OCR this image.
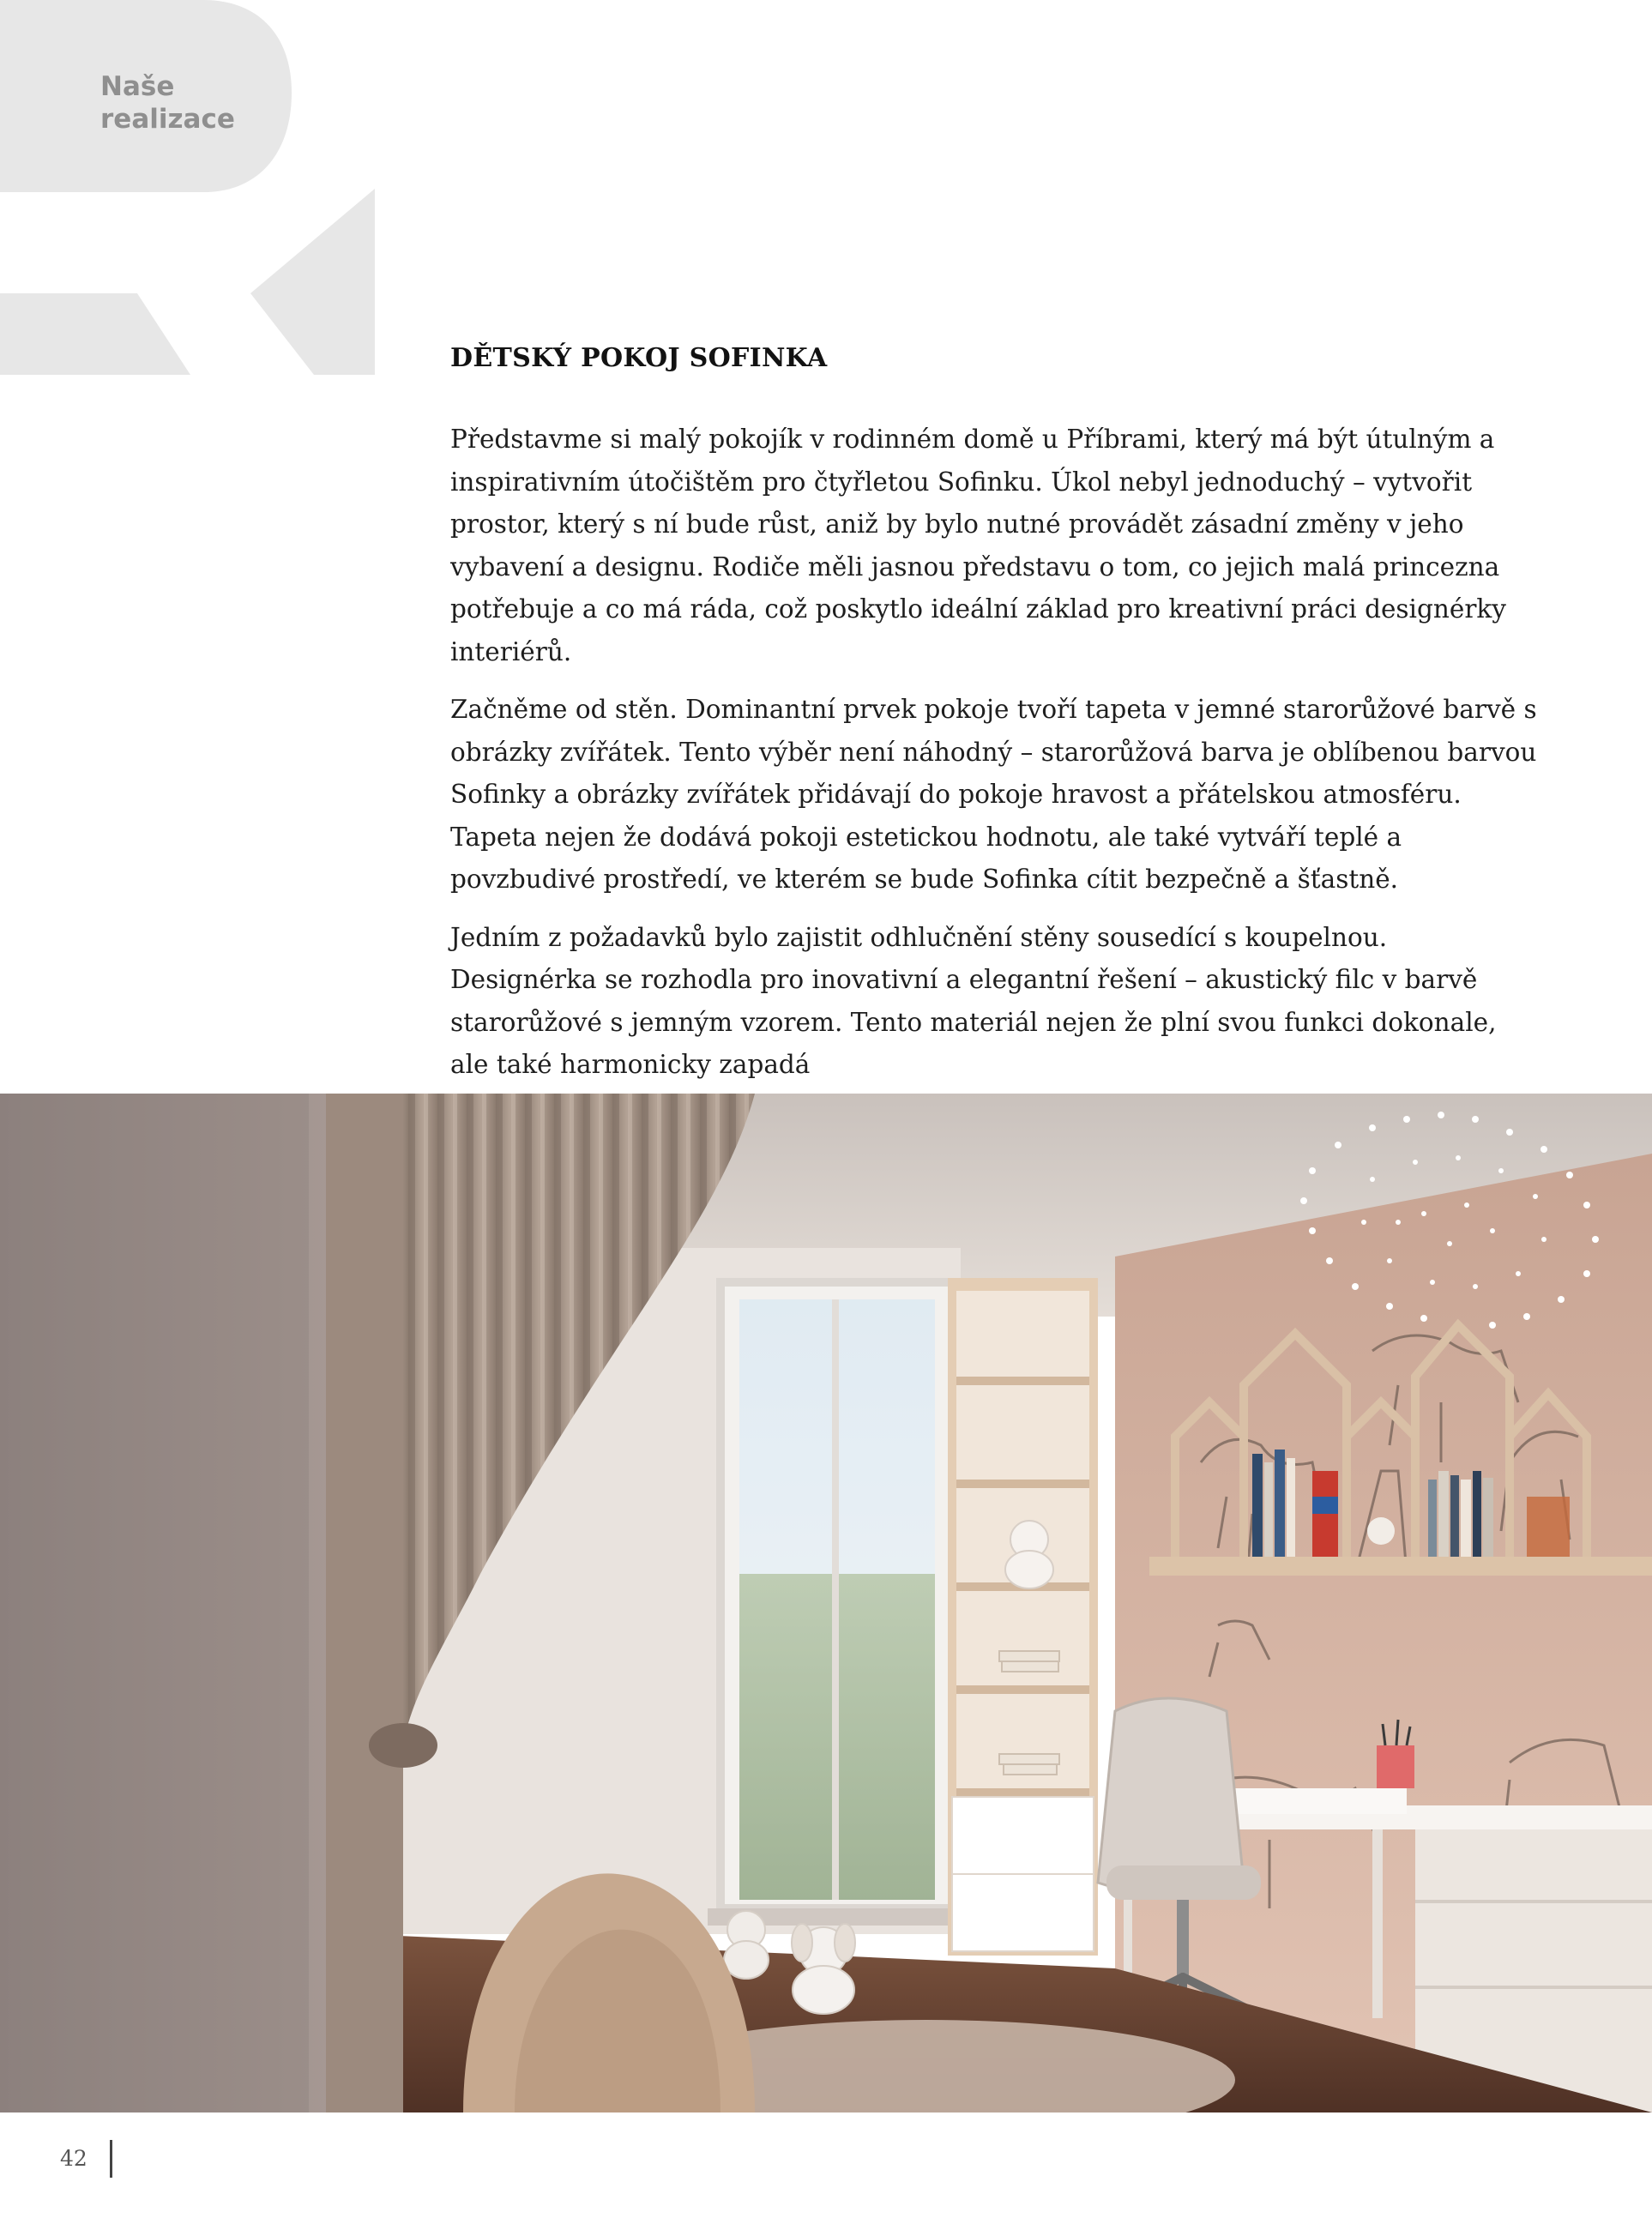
Naše
realizace
DĚTSKÝ POKOJ SOFINKA

Představme si malý pokojík v rodinném domě u Příbrami, který má být útulným a inspirativním útočištěm pro čtyřletou Sofinku. Úkol nebyl jednoduchý – vytvořit prostor, který s ní bude růst, aniž by bylo nutné provádět zásadní změny v jeho vybavení a designu. Rodiče měli jasnou představu o tom, co jejich malá princezna potřebuje a co má ráda, což poskytlo ideální základ pro kreativní práci designérky interiérů.

Začněme od stěn. Dominantní prvek pokoje tvoří tapeta v jemné starorůžové barvě s obrázky zvířátek. Tento výběr není náhodný – starorůžová barva je oblíbenou barvou Sofinky a obrázky zvířátek přidávají do pokoje hravost a přátelskou atmosféru. Tapeta nejen že dodává pokoji estetickou hodnotu, ale také vytváří teplé a povzbudivé prostředí, ve kterém se bude Sofinka cítit bezpečně a šťastně.

Jedním z požadavků bylo zajistit odhlučnění stěny sousedící s koupelnou. Designérka se rozhodla pro inovativní a elegantní řešení – akustický filc v barvě starorůžové s jemným vzorem. Tento materiál nejen že plní svou funkci dokonale, ale také harmonicky zapadá

42
